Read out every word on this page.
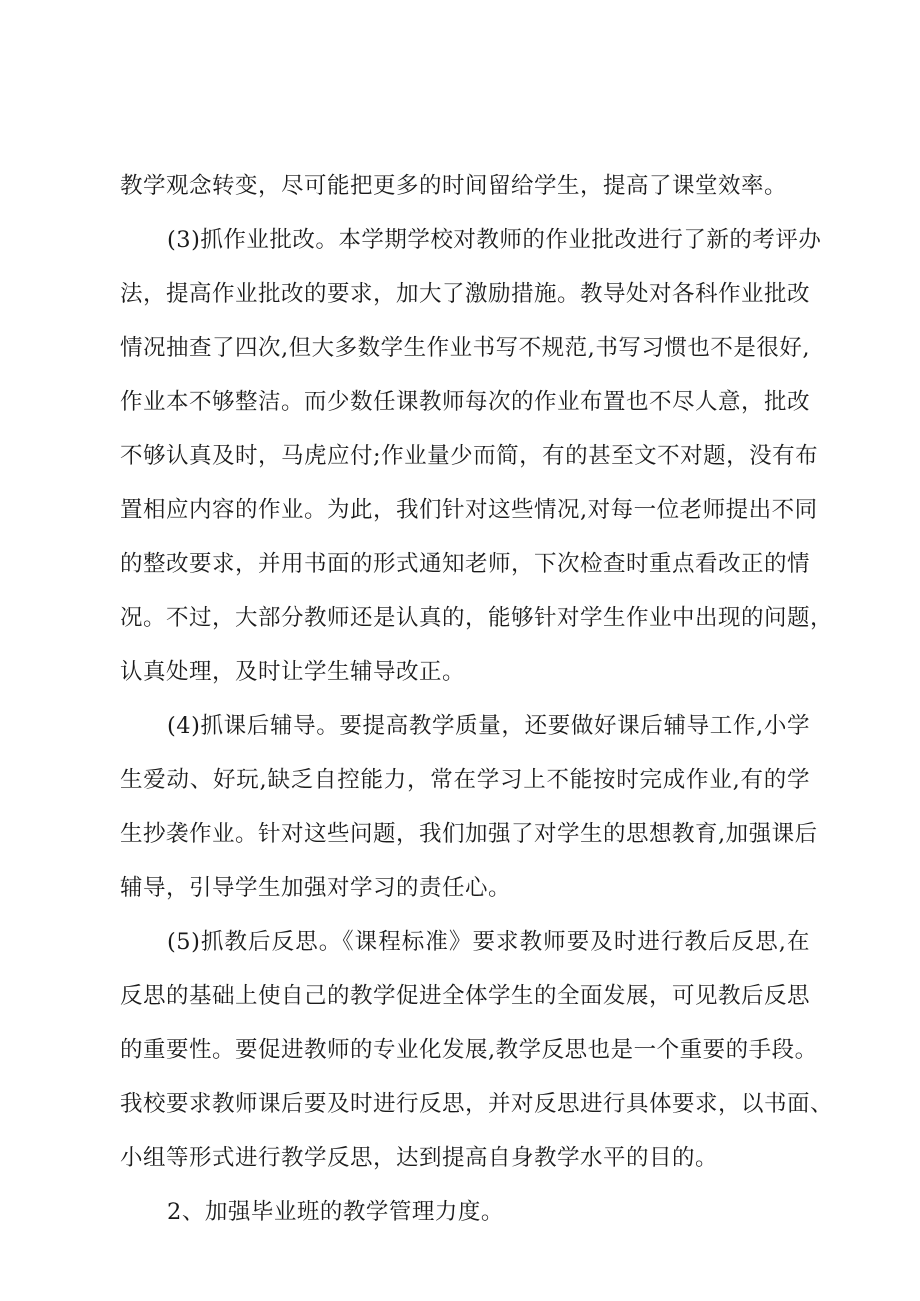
教学观念转变，尽可能把更多的时间留给学生，提高了课堂效率。
(3)抓作业批改。本学期学校对教师的作业批改进行了新的考评办
法，提高作业批改的要求，加大了激励措施。教导处对各科作业批改
情况抽查了四次,但大多数学生作业书写不规范,书写习惯也不是很好,
作业本不够整洁。而少数任课教师每次的作业布置也不尽人意，批改
不够认真及时，马虎应付;作业量少而简，有的甚至文不对题，没有布
置相应内容的作业。为此，我们针对这些情况,对每一位老师提出不同
的整改要求，并用书面的形式通知老师，下次检查时重点看改正的情
况。不过，大部分教师还是认真的，能够针对学生作业中出现的问题，
认真处理，及时让学生辅导改正。
(4)抓课后辅导。要提高教学质量，还要做好课后辅导工作,小学
生爱动、好玩,缺乏自控能力，常在学习上不能按时完成作业,有的学
生抄袭作业。针对这些问题，我们加强了对学生的思想教育,加强课后
辅导，引导学生加强对学习的责任心。
(5)抓教后反思。《课程标准》要求教师要及时进行教后反思,在
反思的基础上使自己的教学促进全体学生的全面发展，可见教后反思
的重要性。要促进教师的专业化发展,教学反思也是一个重要的手段。
我校要求教师课后要及时进行反思，并对反思进行具体要求，以书面、
小组等形式进行教学反思，达到提高自身教学水平的目的。
2、加强毕业班的教学管理力度。
